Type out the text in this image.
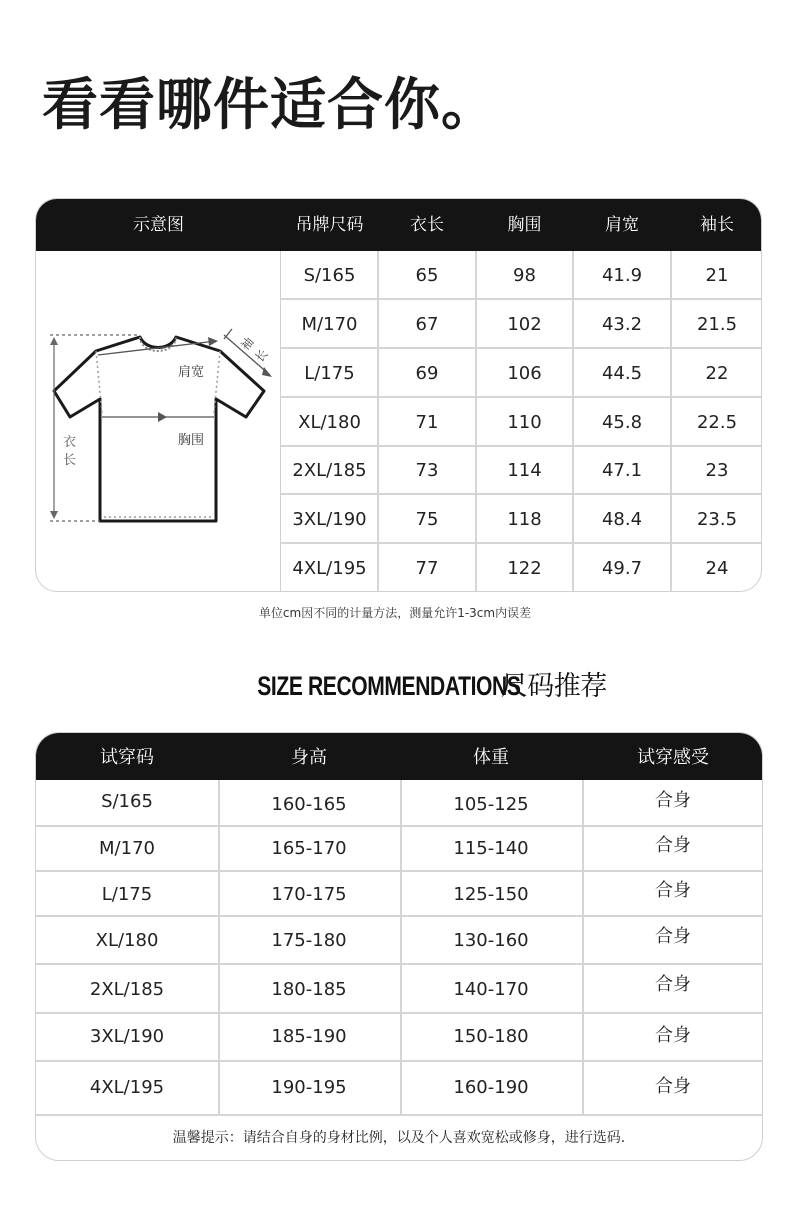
看看哪件适合你。
示意图	吊牌尺码	衣长	胸围	肩宽	袖长
肩宽
胸围
衣
长
袖
长
S/165	65	98	41.9	21
M/170	67	102	43.2	21.5
L/175	69	106	44.5	22
XL/180	71	110	45.8	22.5
2XL/185	73	114	47.1	23
3XL/190	75	118	48.4	23.5
4XL/195	77	122	49.7	24
单位cm因不同的计量方法，测量允许1-3cm内误差
SIZE RECOMMENDATIONS 尺码推荐
试穿码	身高	体重	试穿感受
S/165	160-165	105-125	合身
M/170	165-170	115-140	合身
L/175	170-175	125-150	合身
XL/180	175-180	130-160	合身
2XL/185	180-185	140-170	合身
3XL/190	185-190	150-180	合身
4XL/195	190-195	160-190	合身
温馨提示：请结合自身的身材比例，以及个人喜欢宽松或修身，进行选码.
